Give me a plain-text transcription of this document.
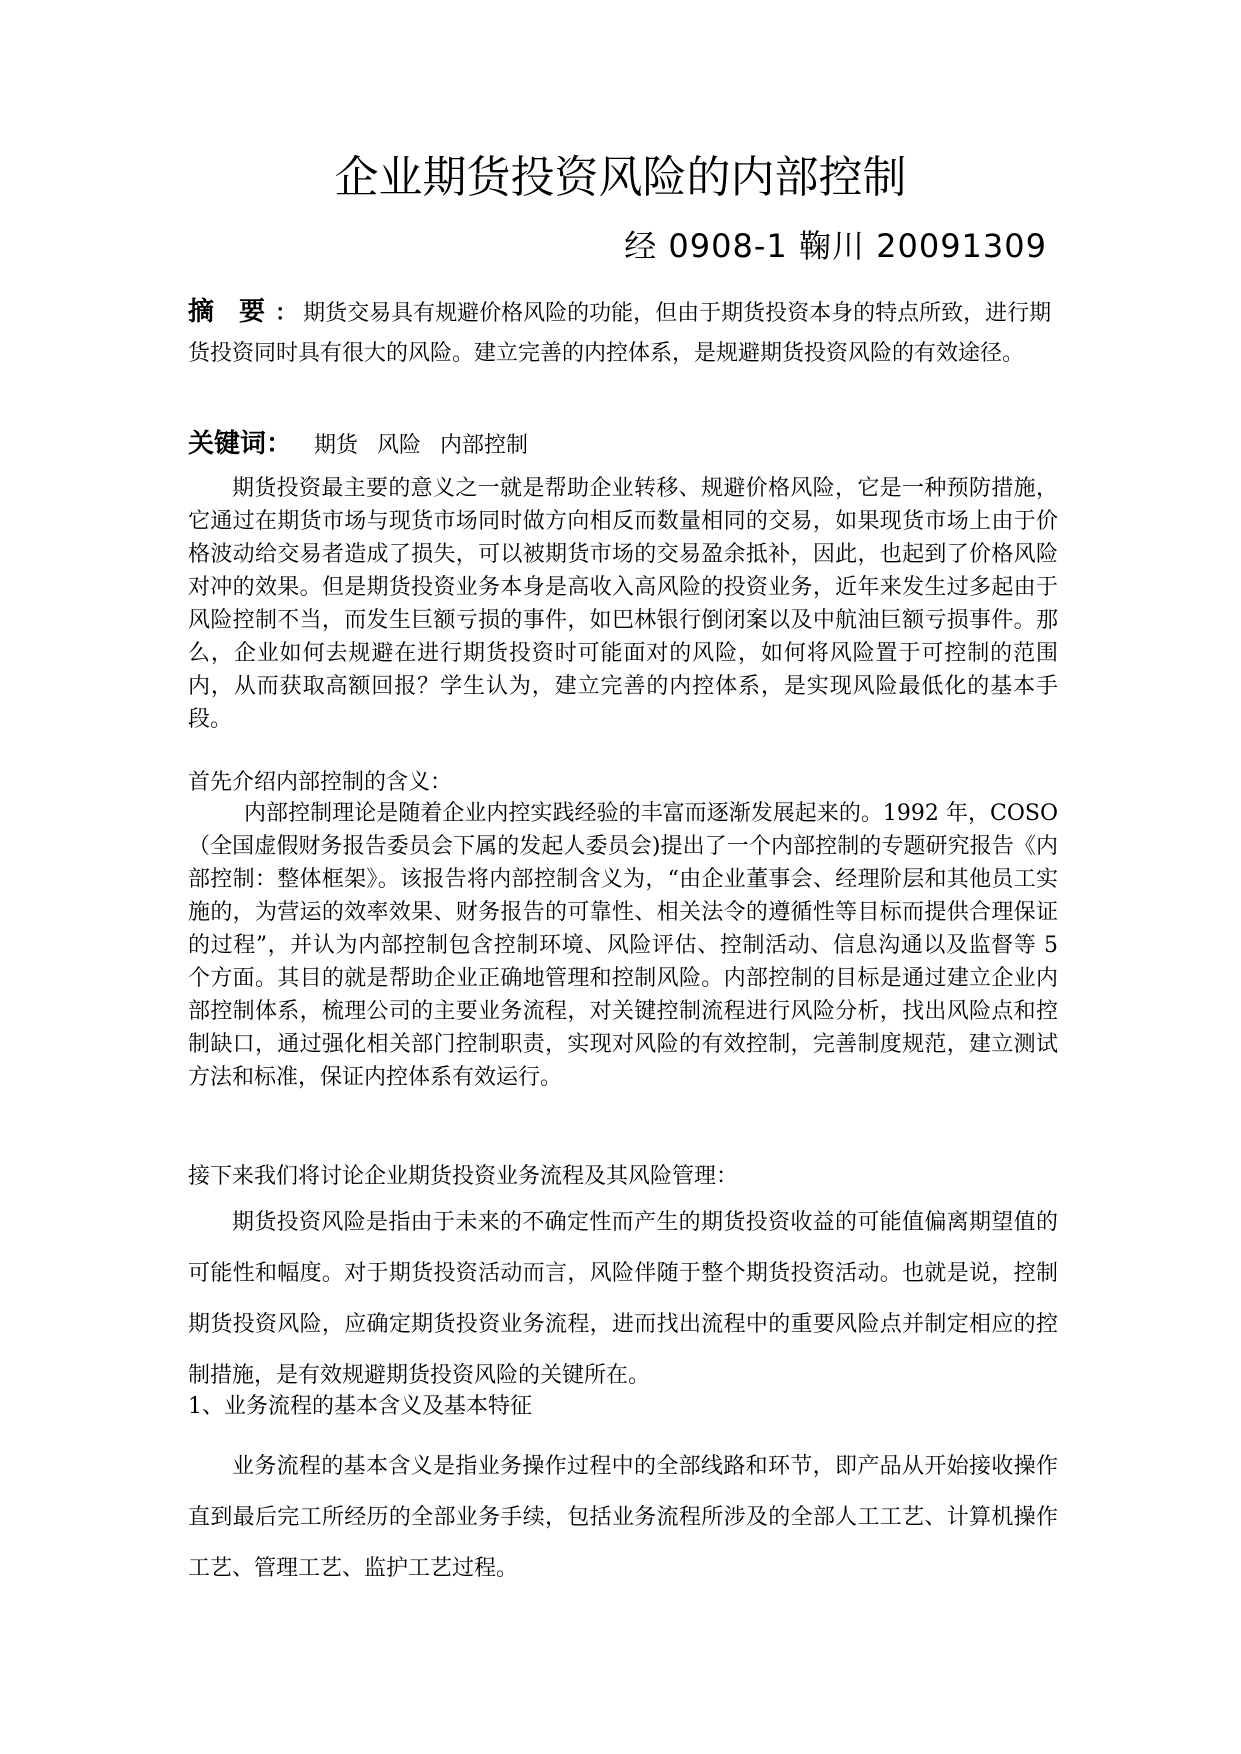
企业期货投资风险的内部控制

经 0908-1 鞠川 20091309

摘 要： 期货交易具有规避价格风险的功能，但由于期货投资本身的特点所致，进行期货投资同时具有很大的风险。建立完善的内控体系，是规避期货投资风险的有效途径。

关键词： 期货 风险 内部控制

期货投资最主要的意义之一就是帮助企业转移、规避价格风险，它是一种预防措施，它通过在期货市场与现货市场同时做方向相反而数量相同的交易，如果现货市场上由于价格波动给交易者造成了损失，可以被期货市场的交易盈余抵补，因此，也起到了价格风险对冲的效果。但是期货投资业务本身是高收入高风险的投资业务，近年来发生过多起由于风险控制不当，而发生巨额亏损的事件，如巴林银行倒闭案以及中航油巨额亏损事件。那么，企业如何去规避在进行期货投资时可能面对的风险，如何将风险置于可控制的范围内，从而获取高额回报？学生认为，建立完善的内控体系，是实现风险最低化的基本手段。

首先介绍内部控制的含义：

内部控制理论是随着企业内控实践经验的丰富而逐渐发展起来的。1992 年，COSO（全国虚假财务报告委员会下属的发起人委员会)提出了一个内部控制的专题研究报告《内部控制：整体框架》。该报告将内部控制含义为，“由企业董事会、经理阶层和其他员工实施的，为营运的效率效果、财务报告的可靠性、相关法令的遵循性等目标而提供合理保证的过程”，并认为内部控制包含控制环境、风险评估、控制活动、信息沟通以及监督等 5 个方面。其目的就是帮助企业正确地管理和控制风险。内部控制的目标是通过建立企业内部控制体系，梳理公司的主要业务流程，对关键控制流程进行风险分析，找出风险点和控制缺口，通过强化相关部门控制职责，实现对风险的有效控制，完善制度规范，建立测试方法和标准，保证内控体系有效运行。

接下来我们将讨论企业期货投资业务流程及其风险管理：

期货投资风险是指由于未来的不确定性而产生的期货投资收益的可能值偏离期望值的可能性和幅度。对于期货投资活动而言，风险伴随于整个期货投资活动。也就是说，控制期货投资风险，应确定期货投资业务流程，进而找出流程中的重要风险点并制定相应的控制措施，是有效规避期货投资风险的关键所在。

1、业务流程的基本含义及基本特征

业务流程的基本含义是指业务操作过程中的全部线路和环节，即产品从开始接收操作直到最后完工所经历的全部业务手续，包括业务流程所涉及的全部人工工艺、计算机操作工艺、管理工艺、监护工艺过程。
